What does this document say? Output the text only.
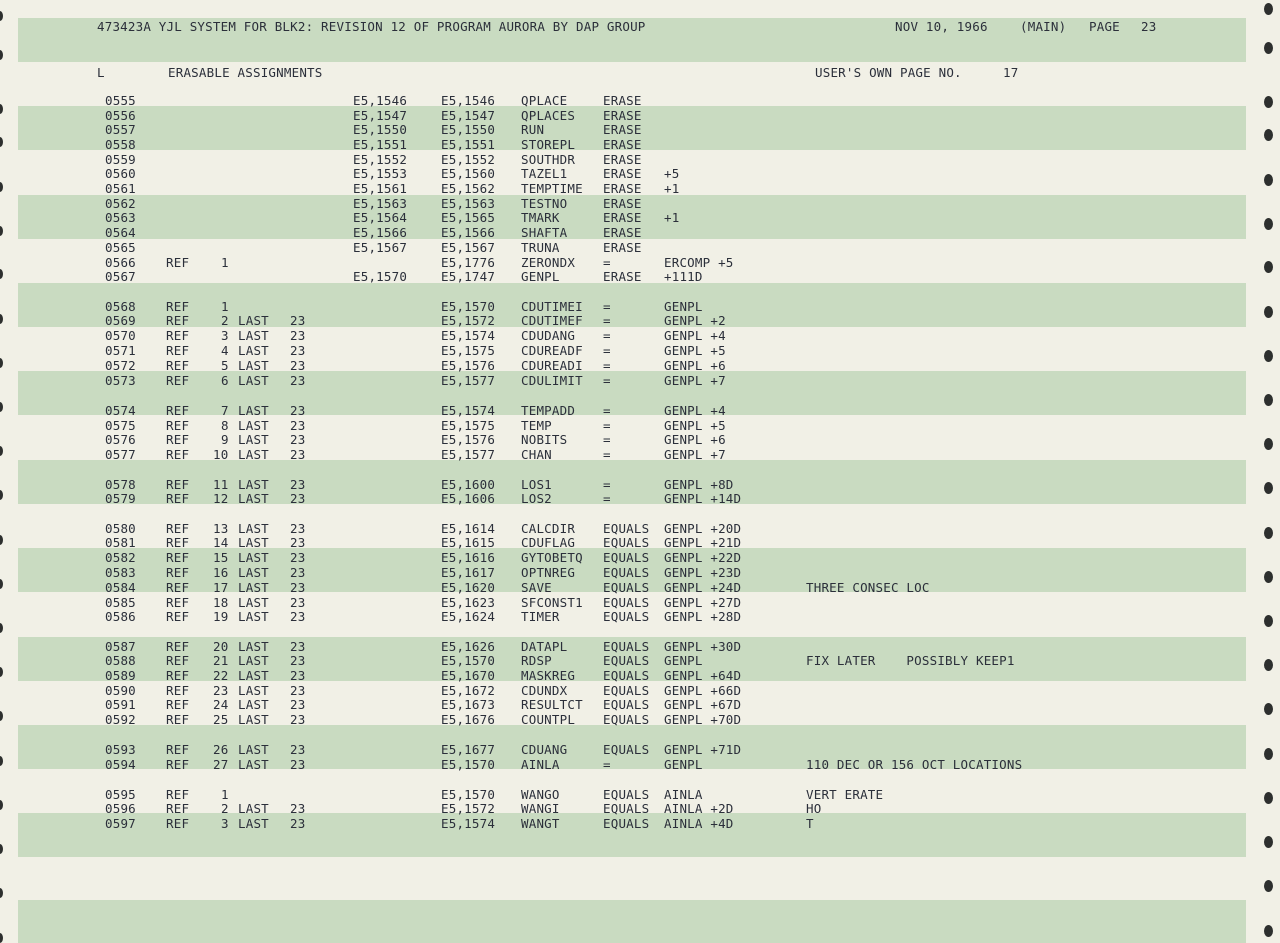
473423A YJL SYSTEM FOR BLK2: REVISION 12 OF PROGRAM AURORA BY DAP GROUP

	NOV 10, 1966

	(MAIN)

PAGE

23

L

	ERASABLE ASSIGNMENTS

	USER'S OWN PAGE NO.

	17

0555	E5,1546	E5,1546 QPLACE	ERASE
0556	E5,1547	E5,1547 QPLACES ERASE
0557	E5,1550	E5,1550 RUN	ERASE
0558	E5,1551	E5,1551 STOREPL ERASE
0559	E5,1552	E5,1552 SOUTHDR ERASE
0560	E5,1553	E5,1560 TAZEL1	ERASE +5
0561	E5,1561	E5,1562 TEMPTIME ERASE +1
0562	E5,1563	E5,1563 TESTNO	ERASE
0563	E5,1564	E5,1565 TMARK	ERASE +1
0564	E5,1566	E5,1566 SHAFTA	ERASE
0565	E5,1567	E5,1567 TRUNA	ERASE
0566 REF	1	E5,1776 ZERONDX =	ERCOMP +5
0567	E5,1570	E5,1747 GENPL	ERASE +111D
0568 REF	1	E5,1570 CDUTIMEI =	GENPL
0569 REF	2 LAST 23	E5,1572 CDUTIMEF =	GENPL +2
0570 REF	3 LAST 23	E5,1574 CDUDANG =	GENPL +4
0571 REF	4 LAST 23	E5,1575 CDUREADF =	GENPL +5
0572 REF	5 LAST 23	E5,1576 CDUREADI =	GENPL +6
0573 REF	6 LAST 23	E5,1577 CDULIMIT =	GENPL +7
0574 REF	7 LAST 23	E5,1574 TEMPADD =	GENPL +4
0575 REF	8 LAST 23	E5,1575 TEMP	=	GENPL +5
0576 REF	9 LAST 23	E5,1576 NOBITS	=	GENPL +6
0577 REF 10 LAST 23	E5,1577 CHAN	=	GENPL +7
0578 REF 11 LAST 23	E5,1600 LOS1	=	GENPL +8D
0579 REF 12 LAST 23	E5,1606 LOS2	=	GENPL +14D
0580 REF 13 LAST 23	E5,1614 CALCDIR EQUALS GENPL +20D
0581 REF 14 LAST 23	E5,1615 CDUFLAG EQUALS GENPL +21D
0582 REF 15 LAST 23	E5,1616 GYTOBETQ EQUALS GENPL +22D
0583 REF 16 LAST 23	E5,1617 OPTNREG EQUALS GENPL +23D
0584 REF 17 LAST 23	E5,1620 SAVE	EQUALS GENPL +24D	THREE CONSEC LOC
0585 REF 18 LAST 23	E5,1623 SFCONST1 EQUALS GENPL +27D
0586 REF 19 LAST 23	E5,1624 TIMER	EQUALS GENPL +28D
0587 REF 20 LAST 23	E5,1626 DATAPL	EQUALS GENPL +30D
0588 REF 21 LAST 23	E5,1570 RDSP	EQUALS GENPL	FIX LATER    POSSIBLY KEEP1
0589 REF 22 LAST 23	E5,1670 MASKREG EQUALS GENPL +64D
0590 REF 23 LAST 23	E5,1672 CDUNDX	EQUALS GENPL +66D
0591 REF 24 LAST 23	E5,1673 RESULTCT EQUALS GENPL +67D
0592 REF 25 LAST 23	E5,1676 COUNTPL EQUALS GENPL +70D
0593 REF 26 LAST 23	E5,1677 CDUANG	EQUALS GENPL +71D
0594 REF 27 LAST 23	E5,1570 AINLA	=	GENPL	110 DEC OR 156 OCT LOCATIONS
0595 REF	1	E5,1570 WANGO	EQUALS AINLA	VERT ERATE
0596 REF	2 LAST 23	E5,1572 WANGI	EQUALS AINLA +2D	HO
0597 REF	3 LAST 23	E5,1574 WANGT	EQUALS AINLA +4D	T
